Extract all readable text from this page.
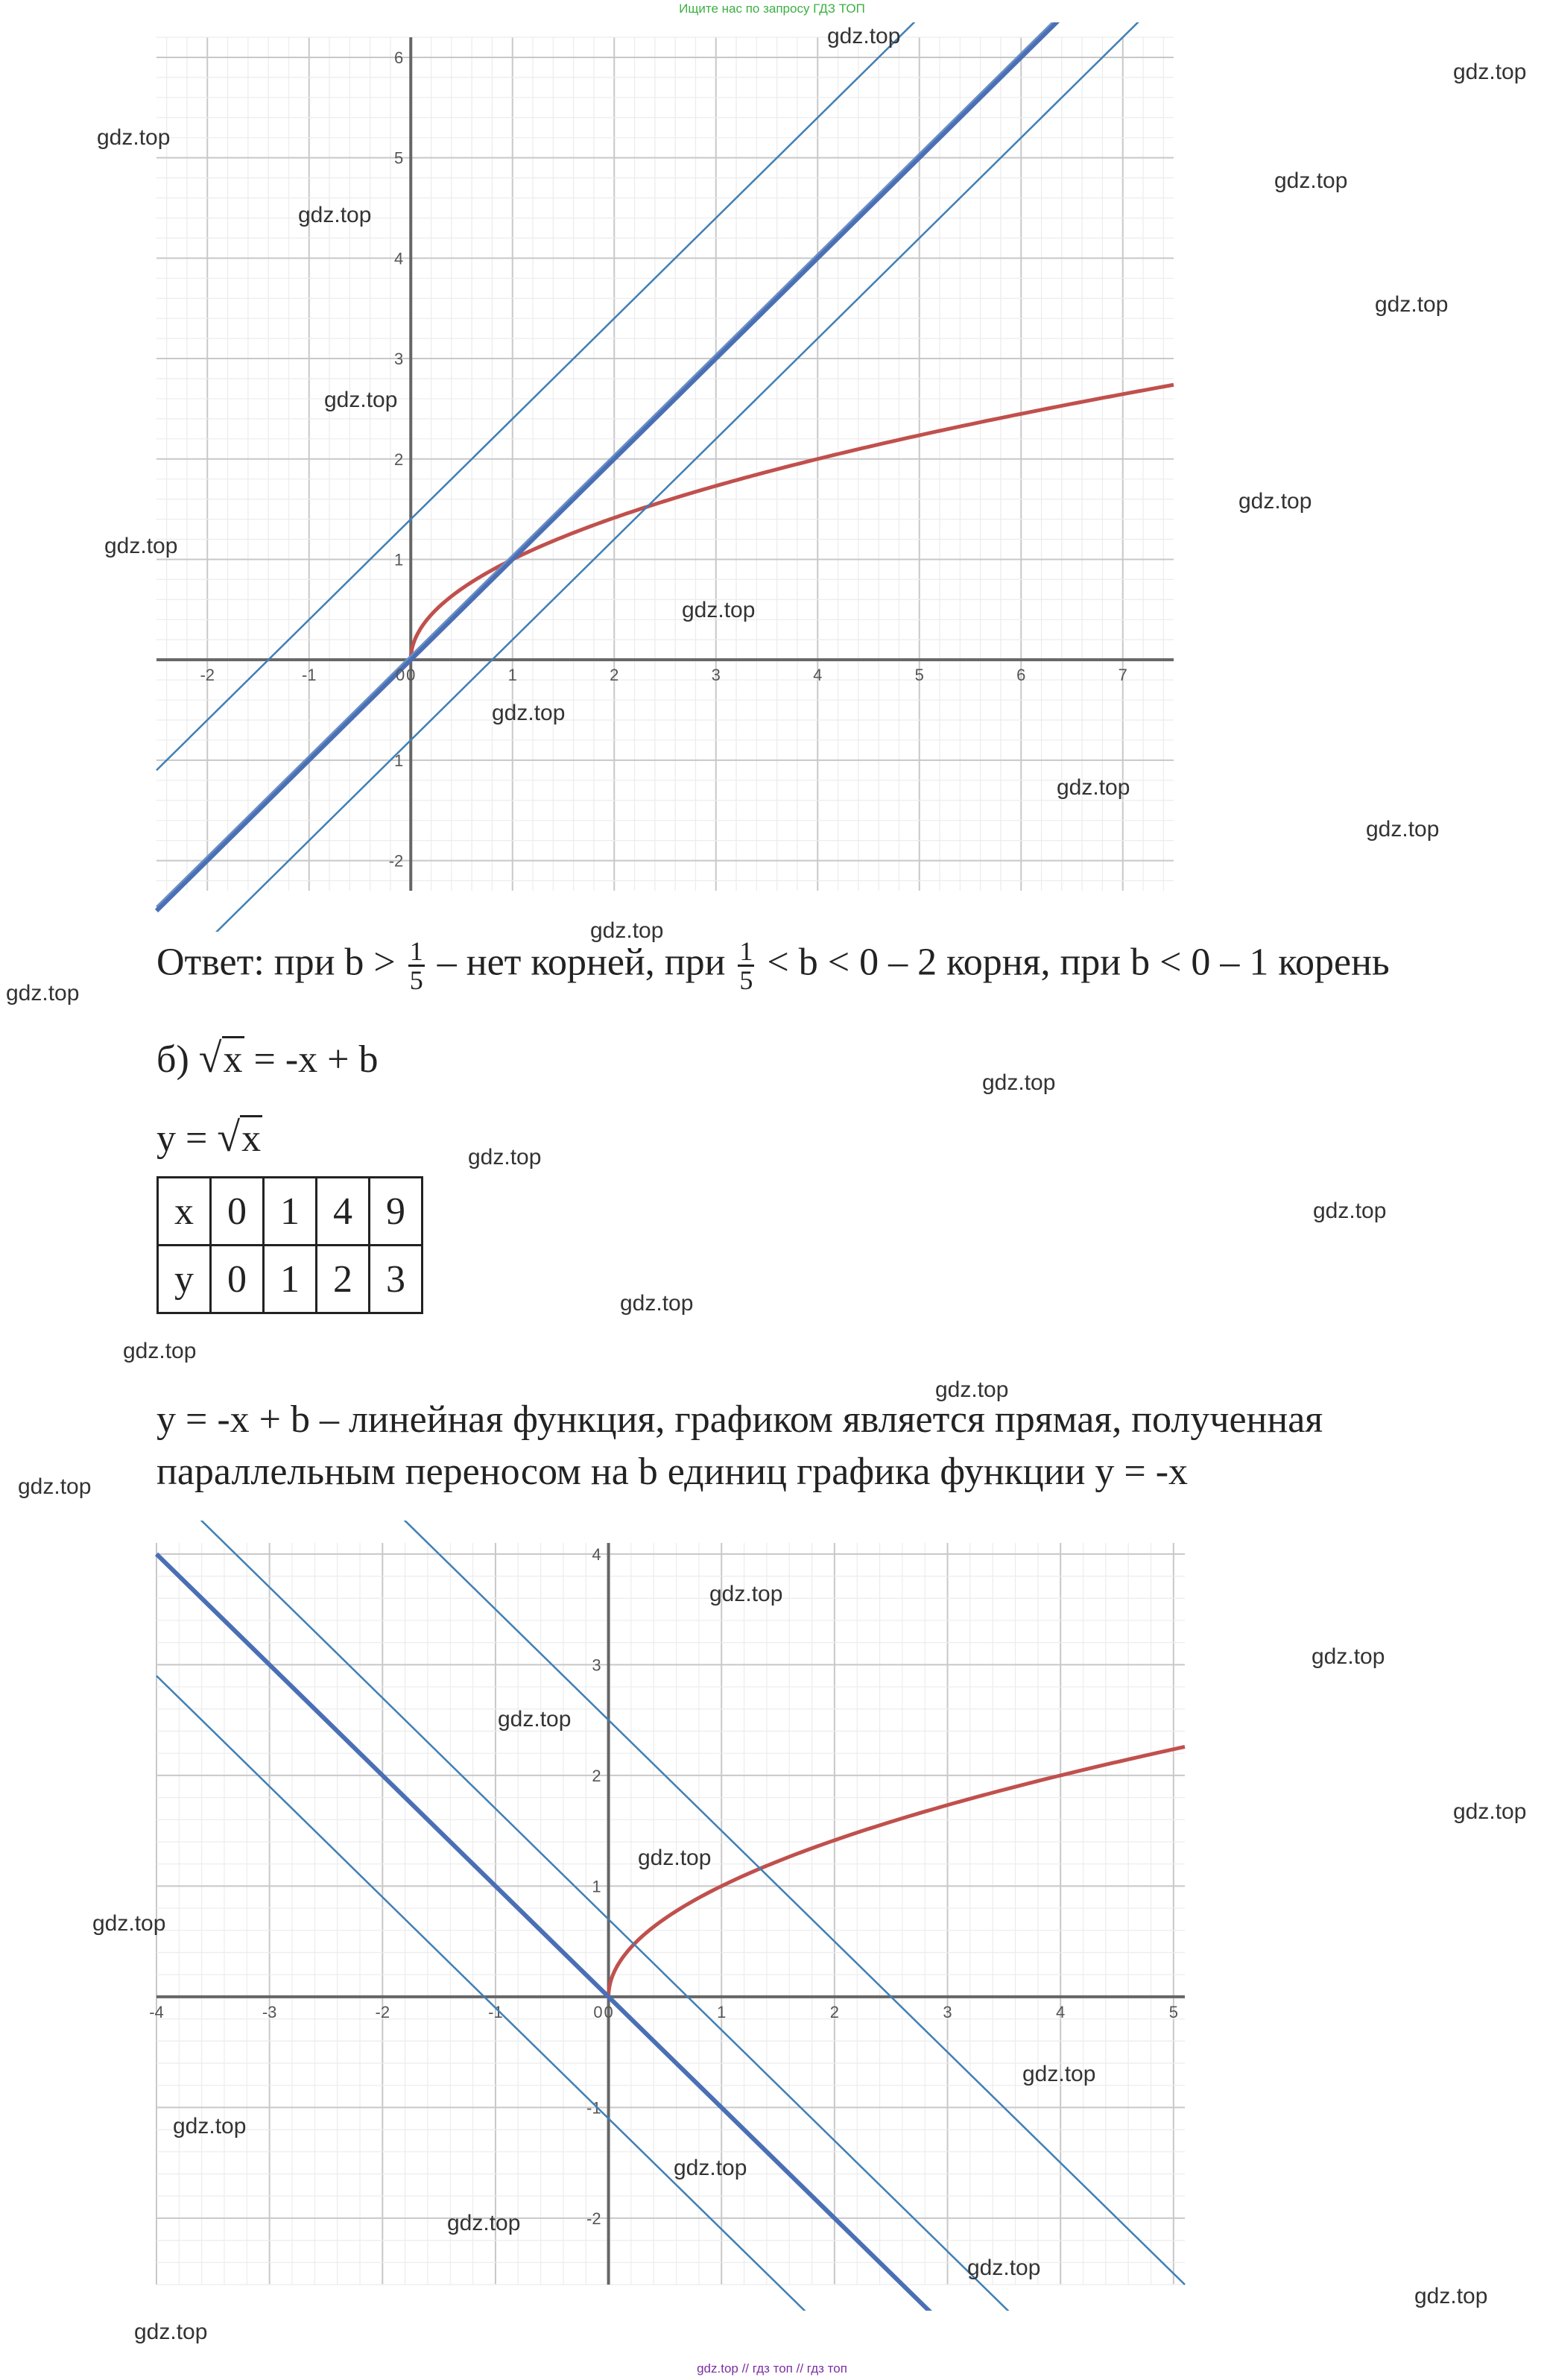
Ищите нас по запросу ГДЗ ТОП
-2	-1	0	1	2	3	4	5	6	7
6
5
4
3
2
1
1
-2
0
Ответ: при $b > \frac{1}{5}$ – нет корней, при $\frac{1}{5} < b < 0 - 2$ корня, при b < 0 – 1 корень
б) √x = -x + b
y = √x
x	0	1	4	9
y	0	1	2	3
y = -x + b – линейная функция, графиком является прямая, полученная
параллельным переносом на b единиц графика функции y = -x
-4	-3	-2	-1	0	1	2	3	4	5
4
3
2
1
-1
-2
0
gdz.top
gdz.top
gdz.top
gdz.top
gdz.top
gdz.top
gdz.top
gdz.top
gdz.top
gdz.top
gdz.top
gdz.top
gdz.top
gdz.top
gdz.top
gdz.top
gdz.top
gdz.top
gdz.top
gdz.top
gdz.top
gdz.top
gdz.top
gdz.top
gdz.top
gdz.top
gdz.top
gdz.top
gdz.top
gdz.top
gdz.top
gdz.top
gdz.top
gdz.top
gdz.top
gdz.top // гдз топ // гдз топ
